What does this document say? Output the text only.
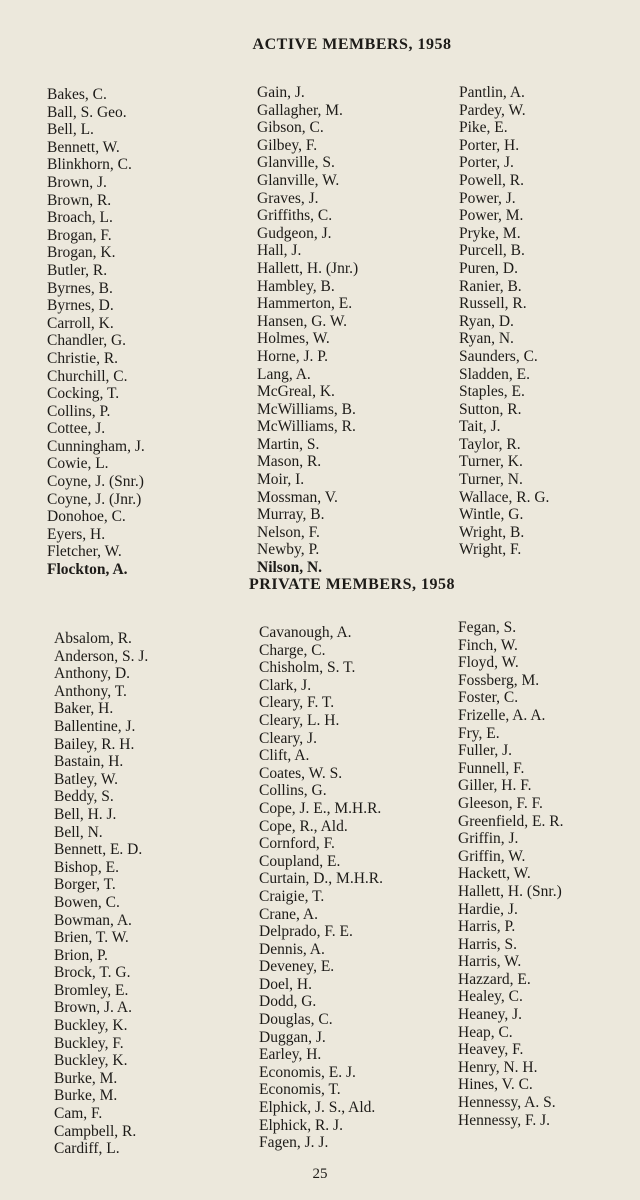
ACTIVE MEMBERS, 1958
Bakes, C.
Ball, S. Geo.
Bell, L.
Bennett, W.
Blinkhorn, C.
Brown, J.
Brown, R.
Broach, L.
Brogan, F.
Brogan, K.
Butler, R.
Byrnes, B.
Byrnes, D.
Carroll, K.
Chandler, G.
Christie, R.
Churchill, C.
Cocking, T.
Collins, P.
Cottee, J.
Cunningham, J.
Cowie, L.
Coyne, J. (Snr.)
Coyne, J. (Jnr.)
Donohoe, C.
Eyers, H.
Fletcher, W.
Flockton, A.
Gain, J.
Gallagher, M.
Gibson, C.
Gilbey, F.
Glanville, S.
Glanville, W.
Graves, J.
Griffiths, C.
Gudgeon, J.
Hall, J.
Hallett, H. (Jnr.)
Hambley, B.
Hammerton, E.
Hansen, G. W.
Holmes, W.
Horne, J. P.
Lang, A.
McGreal, K.
McWilliams, B.
McWilliams, R.
Martin, S.
Mason, R.
Moir, I.
Mossman, V.
Murray, B.
Nelson, F.
Newby, P.
Nilson, N.
Pantlin, A.
Pardey, W.
Pike, E.
Porter, H.
Porter, J.
Powell, R.
Power, J.
Power, M.
Pryke, M.
Purcell, B.
Puren, D.
Ranier, B.
Russell, R.
Ryan, D.
Ryan, N.
Saunders, C.
Sladden, E.
Staples, E.
Sutton, R.
Tait, J.
Taylor, R.
Turner, K.
Turner, N.
Wallace, R. G.
Wintle, G.
Wright, B.
Wright, F.
PRIVATE MEMBERS, 1958
Absalom, R.
Anderson, S. J.
Anthony, D.
Anthony, T.
Baker, H.
Ballentine, J.
Bailey, R. H.
Bastain, H.
Batley, W.
Beddy, S.
Bell, H. J.
Bell, N.
Bennett, E. D.
Bishop, E.
Borger, T.
Bowen, C.
Bowman, A.
Brien, T. W.
Brion, P.
Brock, T. G.
Bromley, E.
Brown, J. A.
Buckley, K.
Buckley, F.
Buckley, K.
Burke, M.
Burke, M.
Cam, F.
Campbell, R.
Cardiff, L.
Cavanough, A.
Charge, C.
Chisholm, S. T.
Clark, J.
Cleary, F. T.
Cleary, L. H.
Cleary, J.
Clift, A.
Coates, W. S.
Collins, G.
Cope, J. E., M.H.R.
Cope, R., Ald.
Cornford, F.
Coupland, E.
Curtain, D., M.H.R.
Craigie, T.
Crane, A.
Delprado, F. E.
Dennis, A.
Deveney, E.
Doel, H.
Dodd, G.
Douglas, C.
Duggan, J.
Earley, H.
Economis, E. J.
Economis, T.
Elphick, J. S., Ald.
Elphick, R. J.
Fagen, J. J.
Fegan, S.
Finch, W.
Floyd, W.
Fossberg, M.
Foster, C.
Frizelle, A. A.
Fry, E.
Fuller, J.
Funnell, F.
Giller, H. F.
Gleeson, F. F.
Greenfield, E. R.
Griffin, J.
Griffin, W.
Hackett, W.
Hallett, H. (Snr.)
Hardie, J.
Harris, P.
Harris, S.
Harris, W.
Hazzard, E.
Healey, C.
Heaney, J.
Heap, C.
Heavey, F.
Henry, N. H.
Hines, V. C.
Hennessy, A. S.
Hennessy, F. J.
25
